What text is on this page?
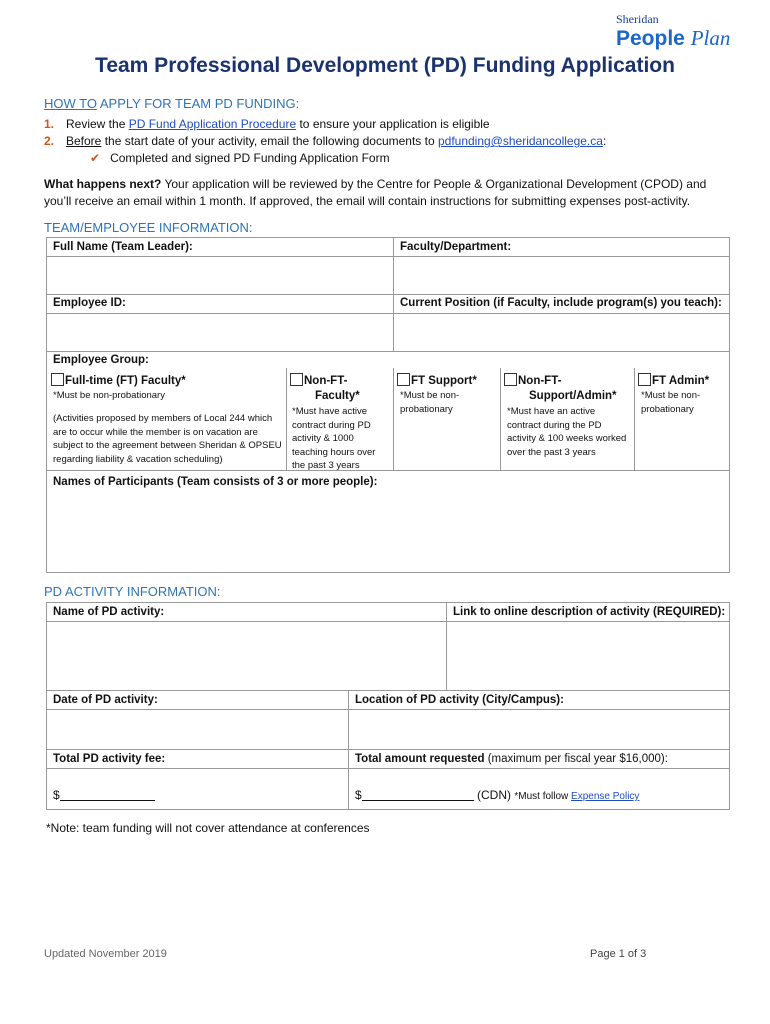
Sheridan
People Plan
Team Professional Development (PD) Funding Application
HOW TO APPLY FOR TEAM PD FUNDING:
1. Review the PD Fund Application Procedure to ensure your application is eligible
2. Before the start date of your activity, email the following documents to pdfunding@sheridancollege.ca:
✔ Completed and signed PD Funding Application Form
What happens next? Your application will be reviewed by the Centre for People & Organizational Development (CPOD) and you’ll receive an email within 1 month. If approved, the email will contain instructions for submitting expenses post-activity.
TEAM/EMPLOYEE INFORMATION:
Full Name (Team Leader):	Faculty/Department:
Employee ID:	Current Position (if Faculty, include program(s) you teach):
Employee Group:
Full-time (FT) Faculty*
*Must be non-probationary
(Activities proposed by members of Local 244 which are to occur while the member is on vacation are subject to the agreement between Sheridan & OPSEU regarding liability & vacation scheduling)
Non-FT-
Faculty*
*Must have active contract during PD activity & 1000 teaching hours over the past 3 years
FT Support*
*Must be non-probationary
Non-FT-
Support/Admin*
*Must have an active contract during the PD activity & 100 weeks worked over the past 3 years
FT Admin*
*Must be non-probationary
Names of Participants (Team consists of 3 or more people):
PD ACTIVITY INFORMATION:
Name of PD activity:	Link to online description of activity (REQUIRED):
Date of PD activity:	Location of PD activity (City/Campus):
Total PD activity fee:	Total amount requested (maximum per fiscal year $16,000):
$	$	(CDN) *Must follow Expense Policy
*Note: team funding will not cover attendance at conferences
Updated November 2019	Page 1 of 3
